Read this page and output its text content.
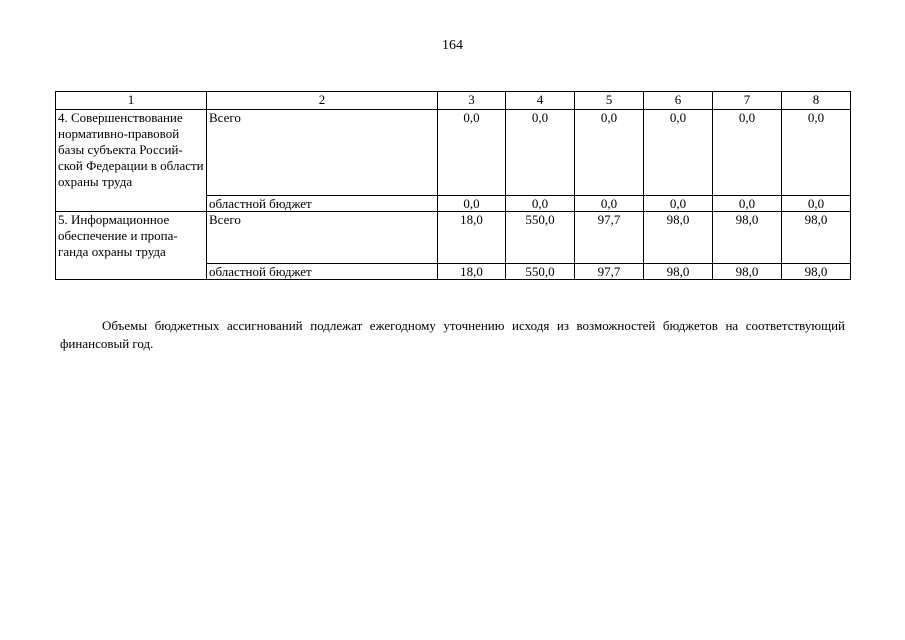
164
1	2	3	4	5	6	7	8
4. Совершенствование нормативно-правовой базы субъекта Россий-ской Федерации в области охраны труда	Всего	0,0	0,0	0,0	0,0	0,0	0,0
	областной бюджет	0,0	0,0	0,0	0,0	0,0	0,0
5. Информационное обеспечение и пропа-ганда охраны труда	Всего	18,0	550,0	97,7	98,0	98,0	98,0
	областной бюджет	18,0	550,0	97,7	98,0	98,0	98,0

Объемы бюджетных ассигнований подлежат ежегодному уточнению исходя из возможностей бюджетов на соответствующий финансовый год.
